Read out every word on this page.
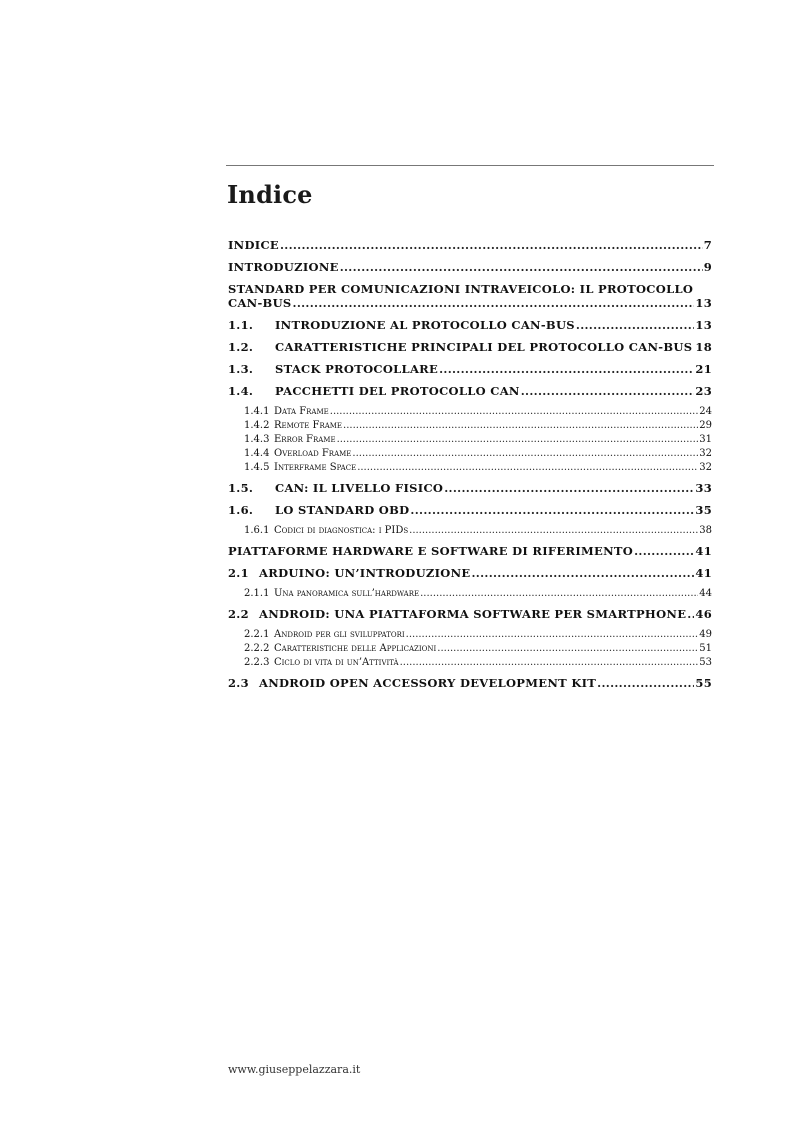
Indice
INDICE .....	7
INTRODUZIONE .....	9
STANDARD PER COMUNICAZIONI INTRAVEICOLO: IL PROTOCOLLO
CAN-BUS .....	13
1.1. INTRODUZIONE AL PROTOCOLLO CAN-BUS .....	13
1.2. CARATTERISTICHE PRINCIPALI DEL PROTOCOLLO CAN-BUS ..... 18
1.3. STACK PROTOCOLLARE .....	21
1.4. PACCHETTI DEL PROTOCOLLO CAN .....	23
1.4.1 Data Frame .....	24
1.4.2 Remote Frame .....	29
1.4.3 Error Frame .....	31
1.4.4 Overload Frame .....	32
1.4.5 Interframe Space .....	32
1.5. CAN: IL LIVELLO FISICO .....	33
1.6. LO STANDARD OBD .....	35
1.6.1 Codici di diagnostica: i PIDs .....	38
PIATTAFORME HARDWARE E SOFTWARE DI RIFERIMENTO .....	41
2.1 ARDUINO: UN’INTRODUZIONE .....	41
2.1.1 Una panoramica sull’hardware .....	44
2.2 ANDROID: UNA PIATTAFORMA SOFTWARE PER SMARTPHONE ..... 46
2.2.1 Android per gli sviluppatori .....	49
2.2.2 Caratteristiche delle Applicazioni .....	51
2.2.3 Ciclo di vita di un’Attività .....	53
2.3 ANDROID OPEN ACCESSORY DEVELOPMENT KIT .....	55
www.giuseppelazzara.it
